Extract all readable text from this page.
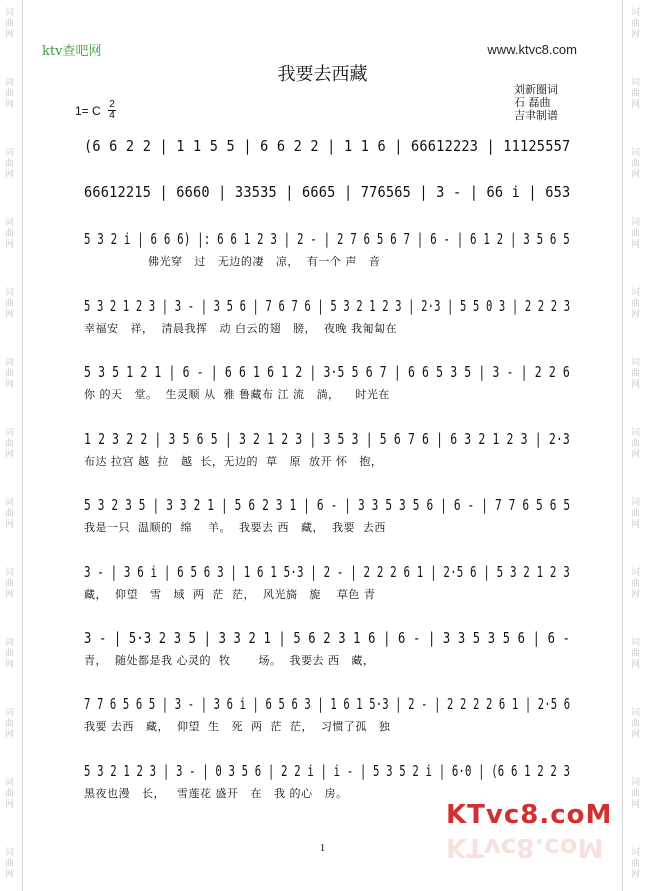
词
曲
网
词
曲
网
词
曲
网
词
曲
网
词
曲
网
词
曲
网
词
曲
网
词
曲
网
词
曲
网
词
曲
网
词
曲
网
词
曲
网
词
曲
网
词
曲
网
词
曲
网
词
曲
网
词
曲
网
词
曲
网
词
曲
网
词
曲
网
词
曲
网
词
曲
网
词
曲
网
词
曲
网
词
曲
网
词
曲
网
ktv查吧网	www.ktvc8.com
我要去西藏
刘新圈词
石 磊曲
吉聿制谱
1= C 2
4
(6 6 2 2 | 1 1 5 5 | 6 6 2 2 | 1 1 6 | 66612223 | 11125557
66612215 | 6660 | 33535 | 6665 | 776565 | 3 - | 66 i | 653
5 3 2 i | 6 6 6) |: 6 6 1 2 3 | 2 - | 2 7 6 5 6 7 | 6 - | 6 1 2 | 3 5 6 5
佛光穿   过   无边的凄   凉，  有一个 声   音
5 3 2 1 2 3 | 3 - | 3 5 6 | 7 6 7 6 | 5 3 2 1 2 3 | 2·3 | 5 5 0 3 | 2 2 2 3
幸福安   祥，  清晨我挥   动 白云的翅   膀，  夜晚 我匍匐在
5 3 5 1 2 1 | 6 - | 6 6 1 6 1 2 | 3·5 5 6 7 | 6 6 5 3 5 | 3 - | 2 2 6
你 的天   堂。  生灵顺 从  雅 鲁藏布 江 流   淌，    时光在
1 2 3 2 2 | 3 5 6 5 | 3 2 1 2 3 | 3 5 3 | 5 6 7 6 | 6 3 2 1 2 3 | 2·3
布达 拉宫 越  拉   越  长，无边的  草   原  放开 怀   抱，
5 3 2 3 5 | 3 3 2 1 | 5 6 2 3 1 | 6 - | 3 3 5 3 5 6 | 6 - | 7 7 6 5 6 5
我是一只  温顺的  绵    羊。  我要去 西   藏，  我要  去西
3 - | 3 6 i | 6 5 6 3 | 1 6 1 5·3 | 2 - | 2 2 2 6 1 | 2·5 6 | 5 3 2 1 2 3
藏，  仰望   雪   域  两  茫  茫，  风光旖   旎    草色 青
3 - | 5·3 2 3 5 | 3 3 2 1 | 5 6 2 3 1 6 | 6 - | 3 3 5 3 5 6 | 6 -
青，  随处都是我 心灵的  牧       场。  我要去 西   藏，
7 7 6 5 6 5 | 3 - | 3 6 i | 6 5 6 3 | 1 6 1 5·3 | 2 - | 2 2 2 2 6 1 | 2·5 6
我要 去西   藏，  仰望  生   死  两  茫  茫，  习惯了孤   独
5 3 2 1 2 3 | 3 - | 0 3 5 6 | 2 2 i | i - | 5 3 5 2 i | 6·0 | (6 6 1 2 2 3
黑夜也漫   长，   雪莲花 盛开   在   我 的心   房。
1
KTvc8.coM
KTvc8.coM
